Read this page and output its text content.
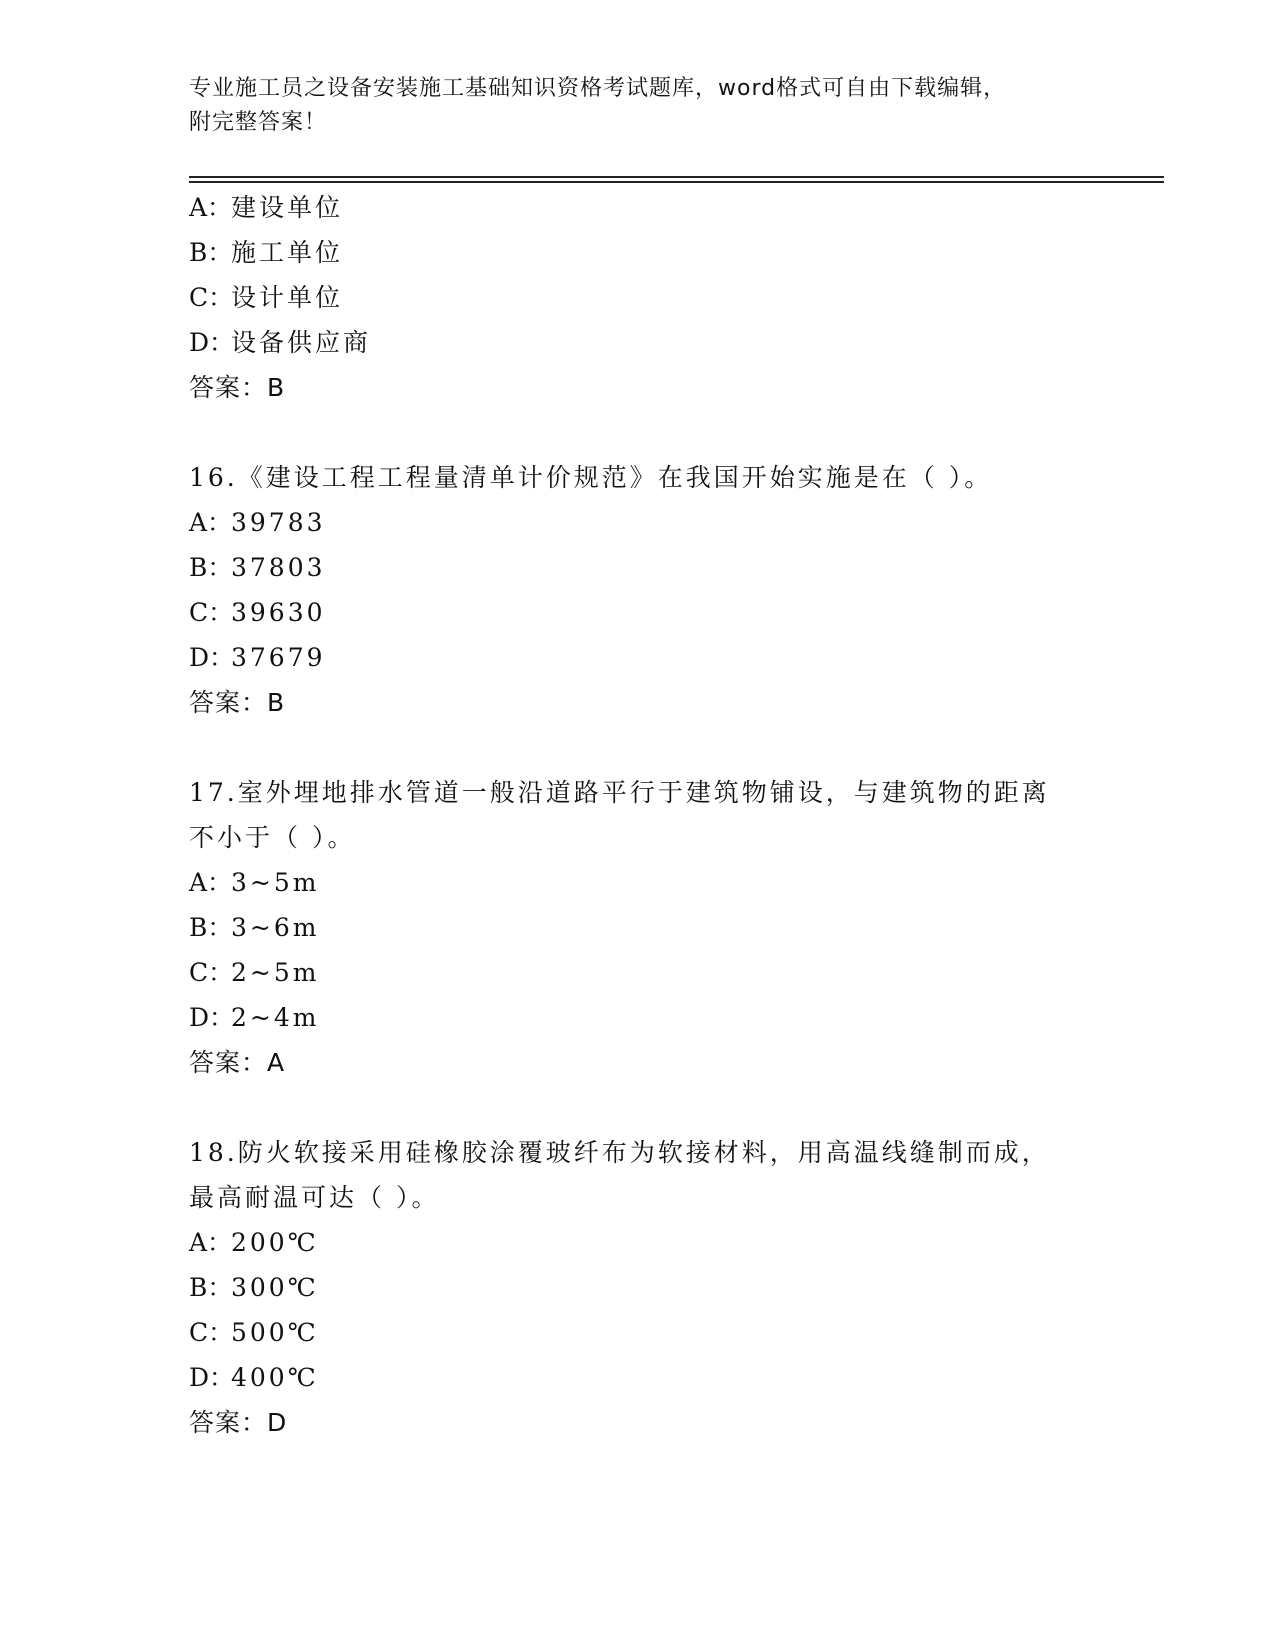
专业施工员之设备安装施工基础知识资格考试题库，word格式可自由下载编辑，
附完整答案！
A：建设单位
B：施工单位
C：设计单位
D：设备供应商
答案：B
16.《建设工程工程量清单计价规范》在我国开始实施是在（ ）。
A：39783
B：37803
C：39630
D：37679
答案：B
17.室外埋地排水管道一般沿道路平行于建筑物铺设，与建筑物的距离
不小于（ ）。
A：3~5m
B：3~6m
C：2~5m
D：2~4m
答案：A
18.防火软接采用硅橡胶涂覆玻纤布为软接材料，用高温线缝制而成，
最高耐温可达（ ）。
A：200℃
B：300℃
C：500℃
D：400℃
答案：D
